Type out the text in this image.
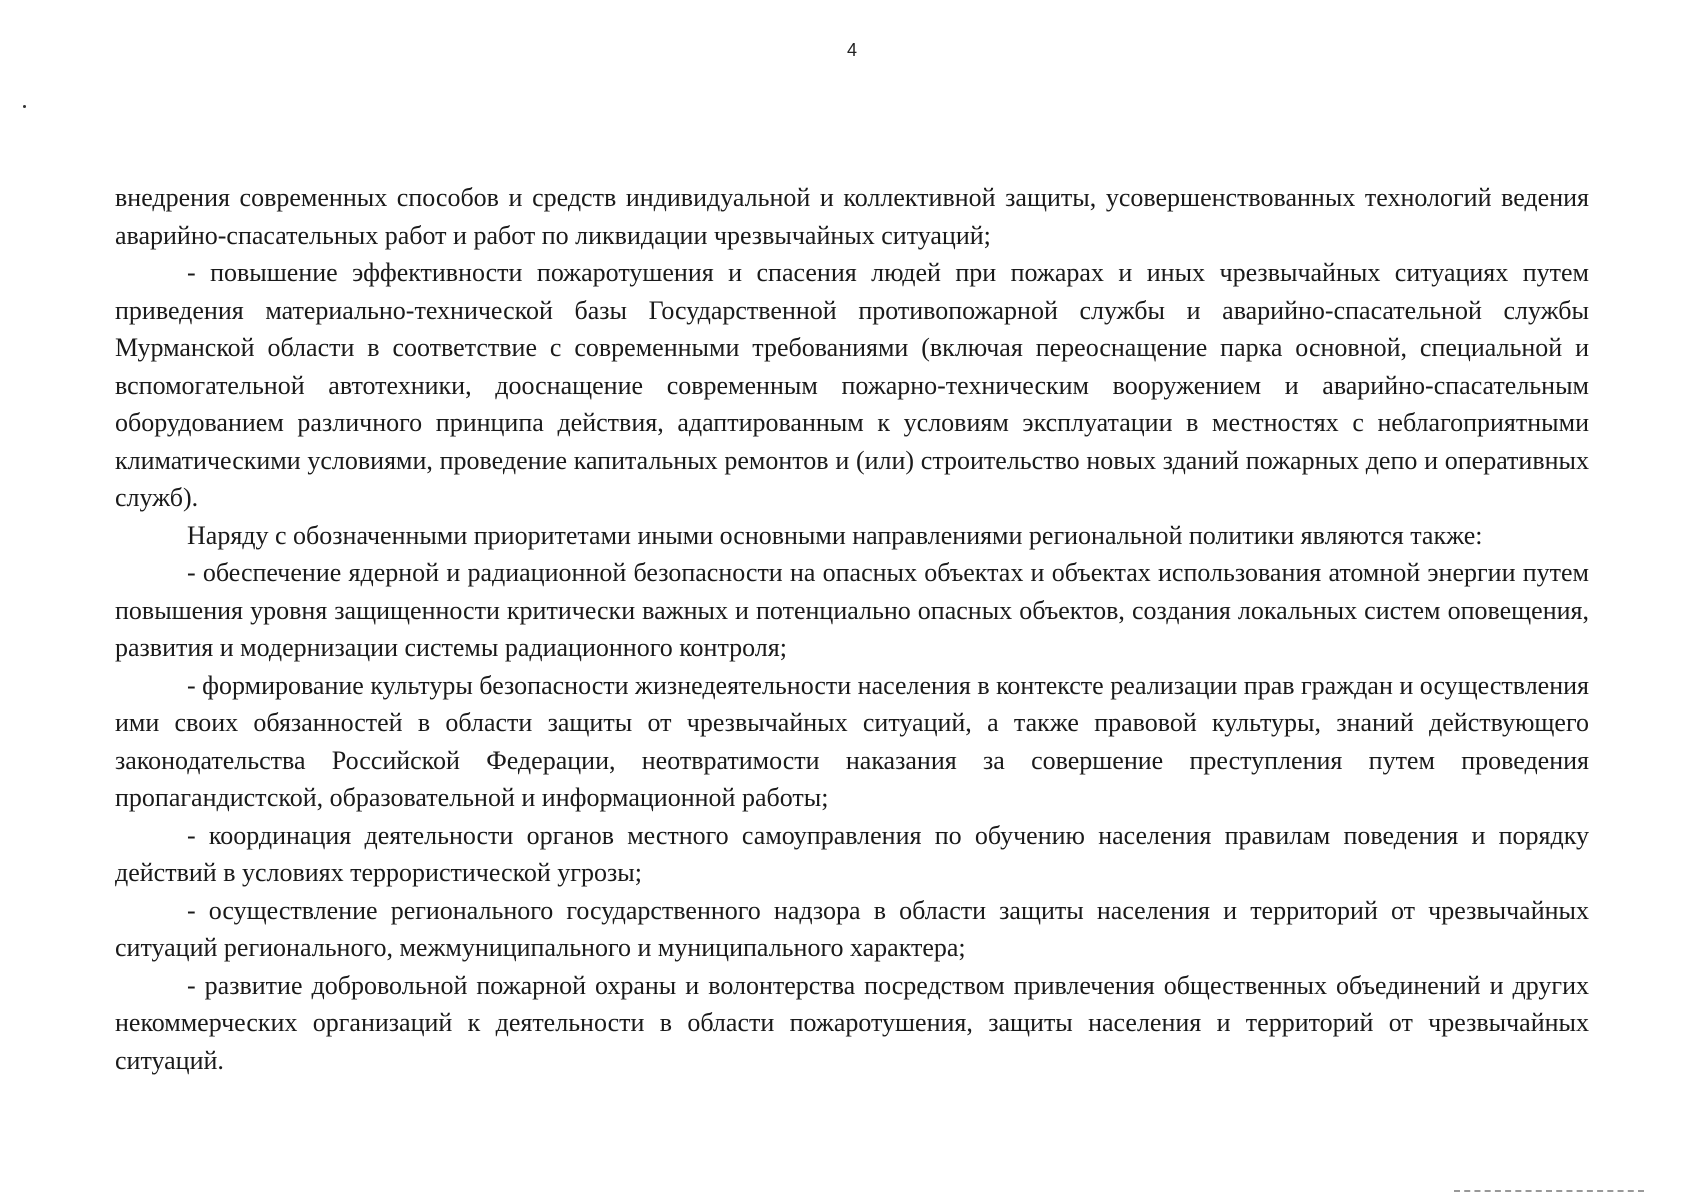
4

внедрения современных способов и средств индивидуальной и коллективной защиты, усовершенствованных технологий ведения аварийно-спасательных работ и работ по ликвидации чрезвычайных ситуаций;

- повышение эффективности пожаротушения и спасения людей при пожарах и иных чрезвычайных ситуациях путем приведения материально-технической базы Государственной противопожарной службы и аварийно-спасательной службы Мурманской области в соответствие с современными требованиями (включая переоснащение парка основной, специальной и вспомогательной автотехники, дооснащение современным пожарно-техническим вооружением и аварийно-спасательным оборудованием различного принципа действия, адаптированным к условиям эксплуатации в местностях с неблагоприятными климатическими условиями, проведение капитальных ремонтов и (или) строительство новых зданий пожарных депо и оперативных служб).

Наряду с обозначенными приоритетами иными основными направлениями региональной политики являются также:

- обеспечение ядерной и радиационной безопасности на опасных объектах и объектах использования атомной энергии путем повышения уровня защищенности критически важных и потенциально опасных объектов, создания локальных систем оповещения, развития и модернизации системы радиационного контроля;

- формирование культуры безопасности жизнедеятельности населения в контексте реализации прав граждан и осуществления ими своих обязанностей в области защиты от чрезвычайных ситуаций, а также правовой культуры, знаний действующего законодательства Российской Федерации, неотвратимости наказания за совершение преступления путем проведения пропагандистской, образовательной и информационной работы;

- координация деятельности органов местного самоуправления по обучению населения правилам поведения и порядку действий в условиях террористической угрозы;

- осуществление регионального государственного надзора в области защиты населения и территорий от чрезвычайных ситуаций регионального, межмуниципального и муниципального характера;

- развитие добровольной пожарной охраны и волонтерства посредством привлечения общественных объединений и других некоммерческих организаций к деятельности в области пожаротушения, защиты населения и территорий от чрезвычайных ситуаций.
